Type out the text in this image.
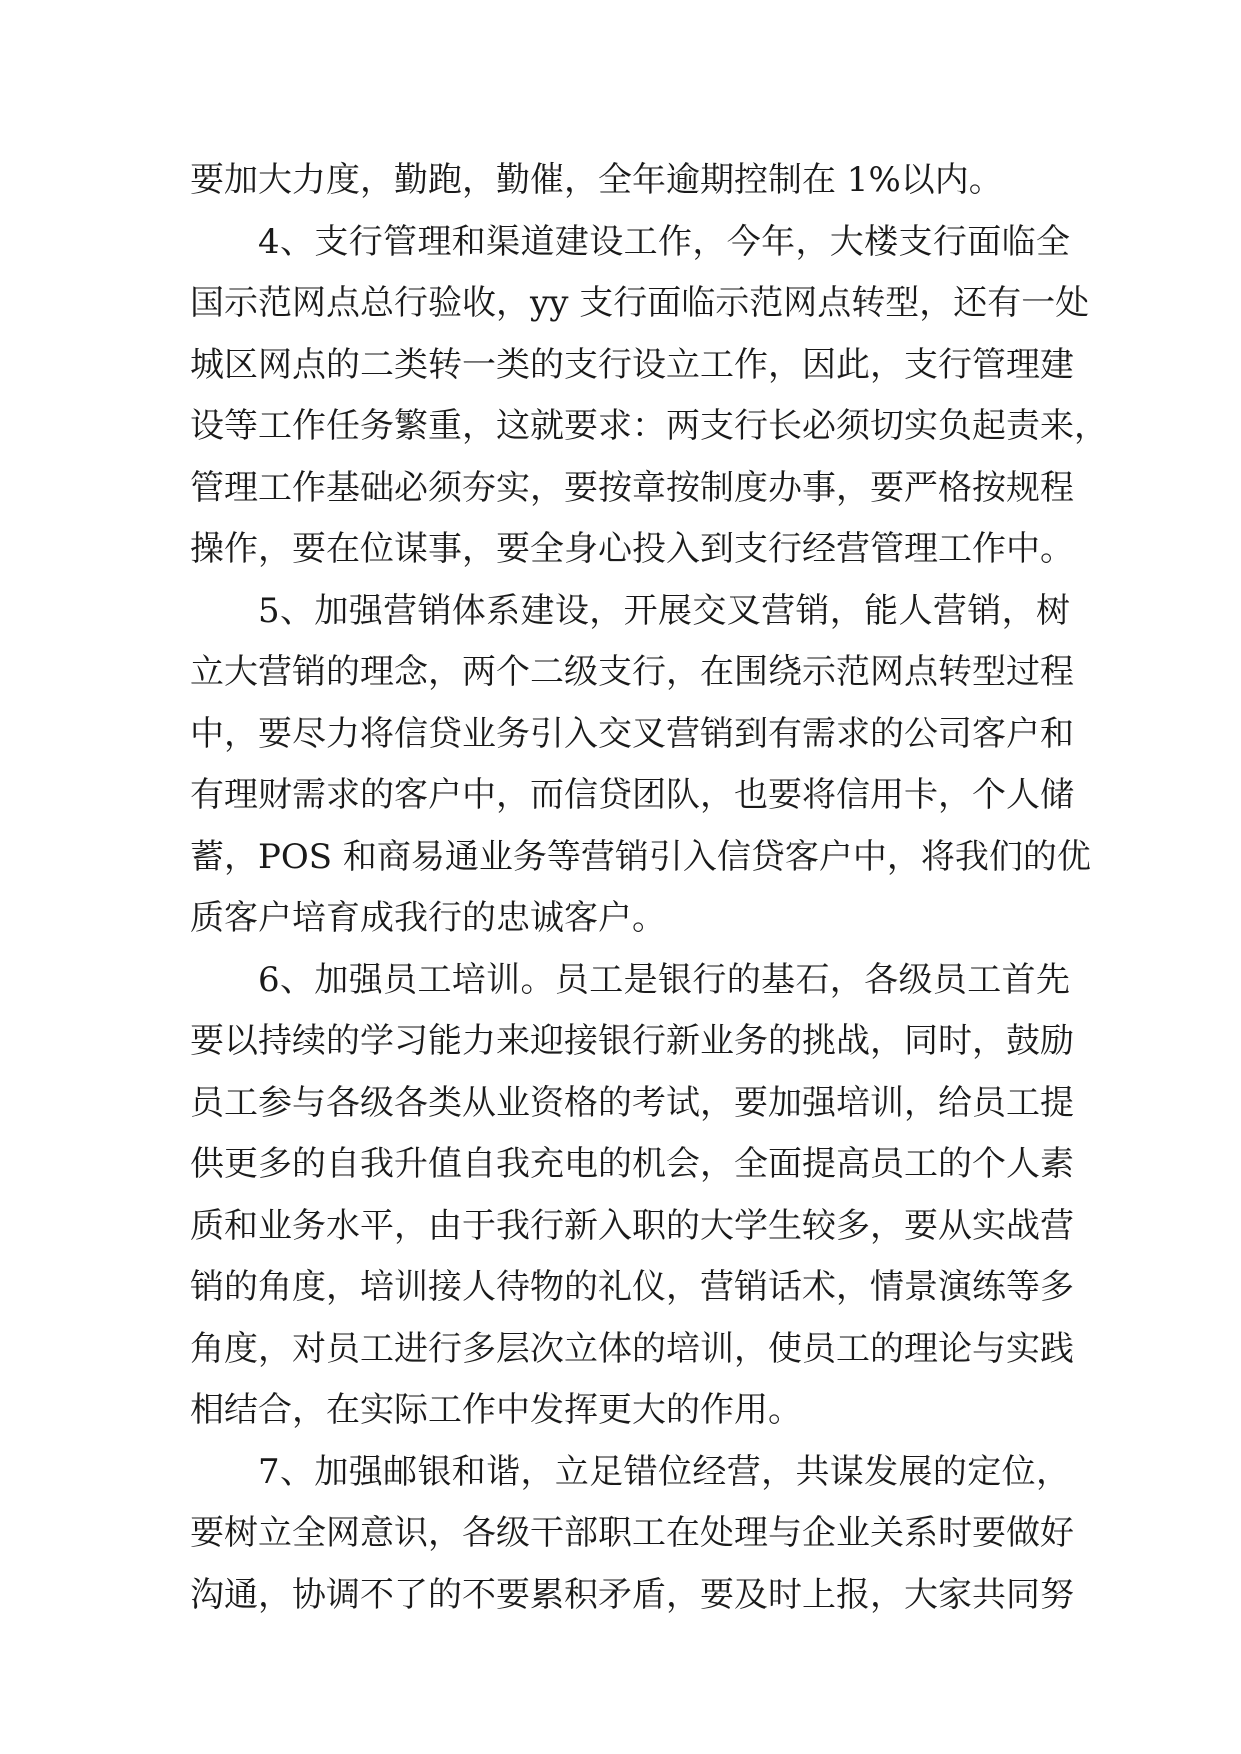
要加大力度，勤跑，勤催，全年逾期控制在 1%以内。
4、支行管理和渠道建设工作，今年，大楼支行面临全
国示范网点总行验收，yy 支行面临示范网点转型，还有一处
城区网点的二类转一类的支行设立工作，因此，支行管理建
设等工作任务繁重，这就要求：两支行长必须切实负起责来，
管理工作基础必须夯实，要按章按制度办事，要严格按规程
操作，要在位谋事，要全身心投入到支行经营管理工作中。
5、加强营销体系建设，开展交叉营销，能人营销，树
立大营销的理念，两个二级支行，在围绕示范网点转型过程
中，要尽力将信贷业务引入交叉营销到有需求的公司客户和
有理财需求的客户中，而信贷团队，也要将信用卡，个人储
蓄，POS 和商易通业务等营销引入信贷客户中，将我们的优
质客户培育成我行的忠诚客户。
6、加强员工培训。员工是银行的基石，各级员工首先
要以持续的学习能力来迎接银行新业务的挑战，同时，鼓励
员工参与各级各类从业资格的考试，要加强培训，给员工提
供更多的自我升值自我充电的机会，全面提高员工的个人素
质和业务水平，由于我行新入职的大学生较多，要从实战营
销的角度，培训接人待物的礼仪，营销话术，情景演练等多
角度，对员工进行多层次立体的培训，使员工的理论与实践
相结合，在实际工作中发挥更大的作用。
7、加强邮银和谐，立足错位经营，共谋发展的定位，
要树立全网意识，各级干部职工在处理与企业关系时要做好
沟通，协调不了的不要累积矛盾，要及时上报，大家共同努
